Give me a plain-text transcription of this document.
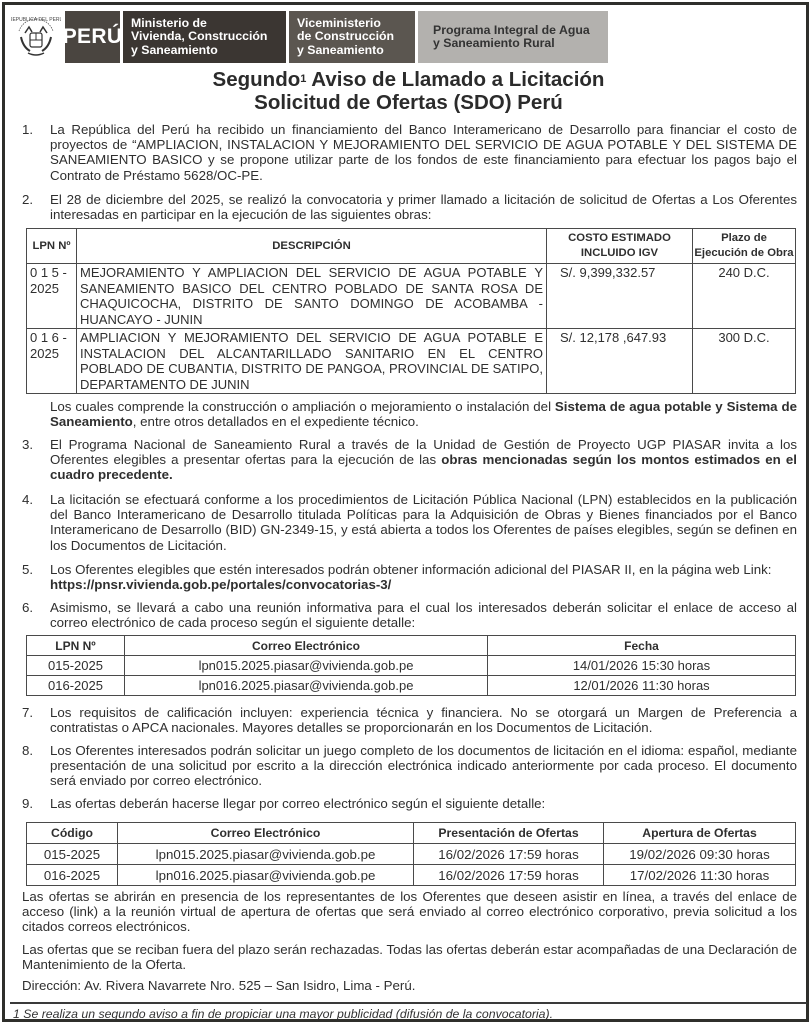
REPUBLICA DEL PERU
PERÚ
Ministerio de
Vivienda, Construcción
y Saneamiento
Viceministerio
de Construcción
y Saneamiento
Programa Integral de Agua
y Saneamiento Rural
Segundo$^1$ Aviso de Llamado a Licitación
Solicitud de Ofertas (SDO) Perú
1.	La República del Perú ha recibido un financiamiento del Banco Interamericano de Desarrollo para financiar el costo de proyectos de “AMPLIACION, INSTALACION Y MEJORAMIENTO DEL SERVICIO DE AGUA POTABLE Y DEL SISTEMA DE SANEAMIENTO BASICO y se propone utilizar parte de los fondos de este financiamiento para efectuar los pagos bajo el Contrato de Préstamo 5628/OC-PE.
2.	El 28 de diciembre del 2025, se realizó la convocatoria y primer llamado a licitación de solicitud de Ofertas a Los Oferentes interesadas en participar en la ejecución de las siguientes obras:
LPN Nº	DESCRIPCIÓN	COSTO ESTIMADO INCLUIDO IGV	Plazo de Ejecución de Obra
0 1 5 - 2025	MEJORAMIENTO Y AMPLIACION DEL SERVICIO DE AGUA POTABLE Y SANEAMIENTO BASICO DEL CENTRO POBLADO DE SANTA ROSA DE CHAQUICOCHA, DISTRITO DE SANTO DOMINGO DE ACOBAMBA - HUANCAYO - JUNIN	S/. 9,399,332.57	240 D.C.
0 1 6 - 2025	AMPLIACION Y MEJORAMIENTO DEL SERVICIO DE AGUA POTABLE E INSTALACION DEL ALCANTARILLADO SANITARIO EN EL CENTRO POBLADO DE CUBANTIA, DISTRITO DE PANGOA, PROVINCIAL DE SATIPO, DEPARTAMENTO DE JUNIN	S/. 12,178 ,647.93	300 D.C.
Los cuales comprende la construcción o ampliación o mejoramiento o instalación del Sistema de agua potable y Sistema de Saneamiento, entre otros detallados en el expediente técnico.
3.	El Programa Nacional de Saneamiento Rural a través de la Unidad de Gestión de Proyecto UGP PIASAR invita a los Oferentes elegibles a presentar ofertas para la ejecución de las obras mencionadas según los montos estimados en el cuadro precedente.
4.	La licitación se efectuará conforme a los procedimientos de Licitación Pública Nacional (LPN) establecidos en la publicación del Banco Interamericano de Desarrollo titulada Políticas para la Adquisición de Obras y Bienes financiados por el Banco Interamericano de Desarrollo (BID) GN-2349-15, y está abierta a todos los Oferentes de países elegibles, según se definen en los Documentos de Licitación.
5.	Los Oferentes elegibles que estén interesados podrán obtener información adicional del PIASAR II, en la página web Link:
https://pnsr.vivienda.gob.pe/portales/convocatorias-3/
6.	Asimismo, se llevará a cabo una reunión informativa para el cual los interesados deberán solicitar el enlace de acceso al correo electrónico de cada proceso según el siguiente detalle:
LPN Nº	Correo Electrónico	Fecha
015-2025	lpn015.2025.piasar@vivienda.gob.pe	14/01/2026 15:30 horas
016-2025	lpn016.2025.piasar@vivienda.gob.pe	12/01/2026 11:30 horas
7.	Los requisitos de calificación incluyen: experiencia técnica y financiera. No se otorgará un Margen de Preferencia a contratistas o APCA nacionales. Mayores detalles se proporcionarán en los Documentos de Licitación.
8.	Los Oferentes interesados podrán solicitar un juego completo de los documentos de licitación en el idioma: español, mediante presentación de una solicitud por escrito a la dirección electrónica indicado anteriormente por cada proceso. El documento será enviado por correo electrónico.
9.	Las ofertas deberán hacerse llegar por correo electrónico según el siguiente detalle:
Código	Correo Electrónico	Presentación de Ofertas	Apertura de Ofertas
015-2025	lpn015.2025.piasar@vivienda.gob.pe	16/02/2026 17:59 horas	19/02/2026 09:30 horas
016-2025	lpn016.2025.piasar@vivienda.gob.pe	16/02/2026 17:59 horas	17/02/2026 11:30 horas
Las ofertas se abrirán en presencia de los representantes de los Oferentes que deseen asistir en línea, a través del enlace de acceso (link) a la reunión virtual de apertura de ofertas que será enviado al correo electrónico corporativo, previa solicitud a los citados correos electrónicos.
Las ofertas que se reciban fuera del plazo serán rechazadas. Todas las ofertas deberán estar acompañadas de una Declaración de Mantenimiento de la Oferta.
Dirección: Av. Rivera Navarrete Nro. 525 – San Isidro, Lima - Perú.
1 Se realiza un segundo aviso a fin de propiciar una mayor publicidad (difusión de la convocatoria).
